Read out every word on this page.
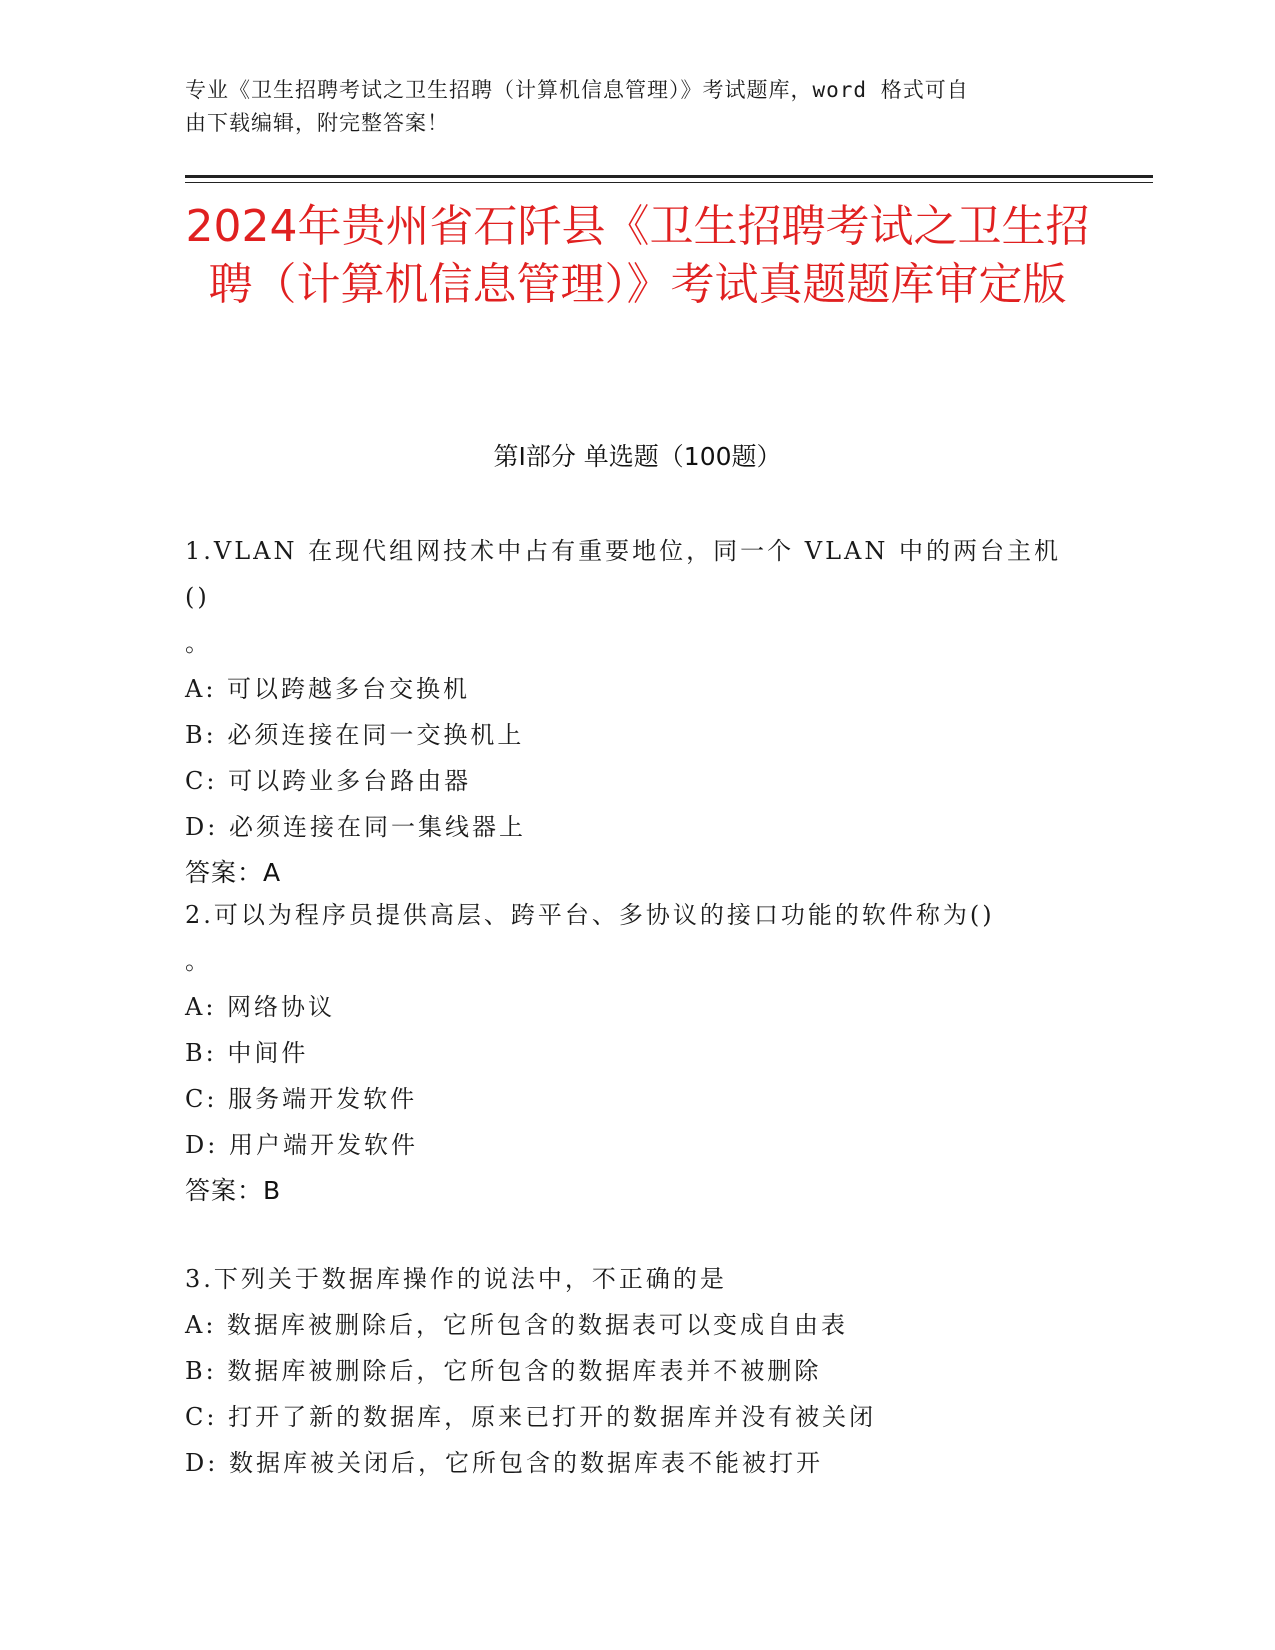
专业《卫生招聘考试之卫生招聘（计算机信息管理）》考试题库，word 格式可自
由下载编辑，附完整答案！
2024年贵州省石阡县《卫生招聘考试之卫生招聘（计算机信息管理）》考试真题题库审定版
第Ⅰ部分 单选题（100题）
1.VLAN 在现代组网技术中占有重要地位，同一个 VLAN 中的两台主机()
。
A: 可以跨越多台交换机
B: 必须连接在同一交换机上
C: 可以跨业多台路由器
D: 必须连接在同一集线器上
答案：A
2.可以为程序员提供高层、跨平台、多协议的接口功能的软件称为()
。
A: 网络协议
B: 中间件
C: 服务端开发软件
D: 用户端开发软件
答案：B
3.下列关于数据库操作的说法中，不正确的是
A: 数据库被删除后，它所包含的数据表可以变成自由表
B: 数据库被删除后，它所包含的数据库表并不被删除
C: 打开了新的数据库，原来已打开的数据库并没有被关闭
D: 数据库被关闭后，它所包含的数据库表不能被打开
